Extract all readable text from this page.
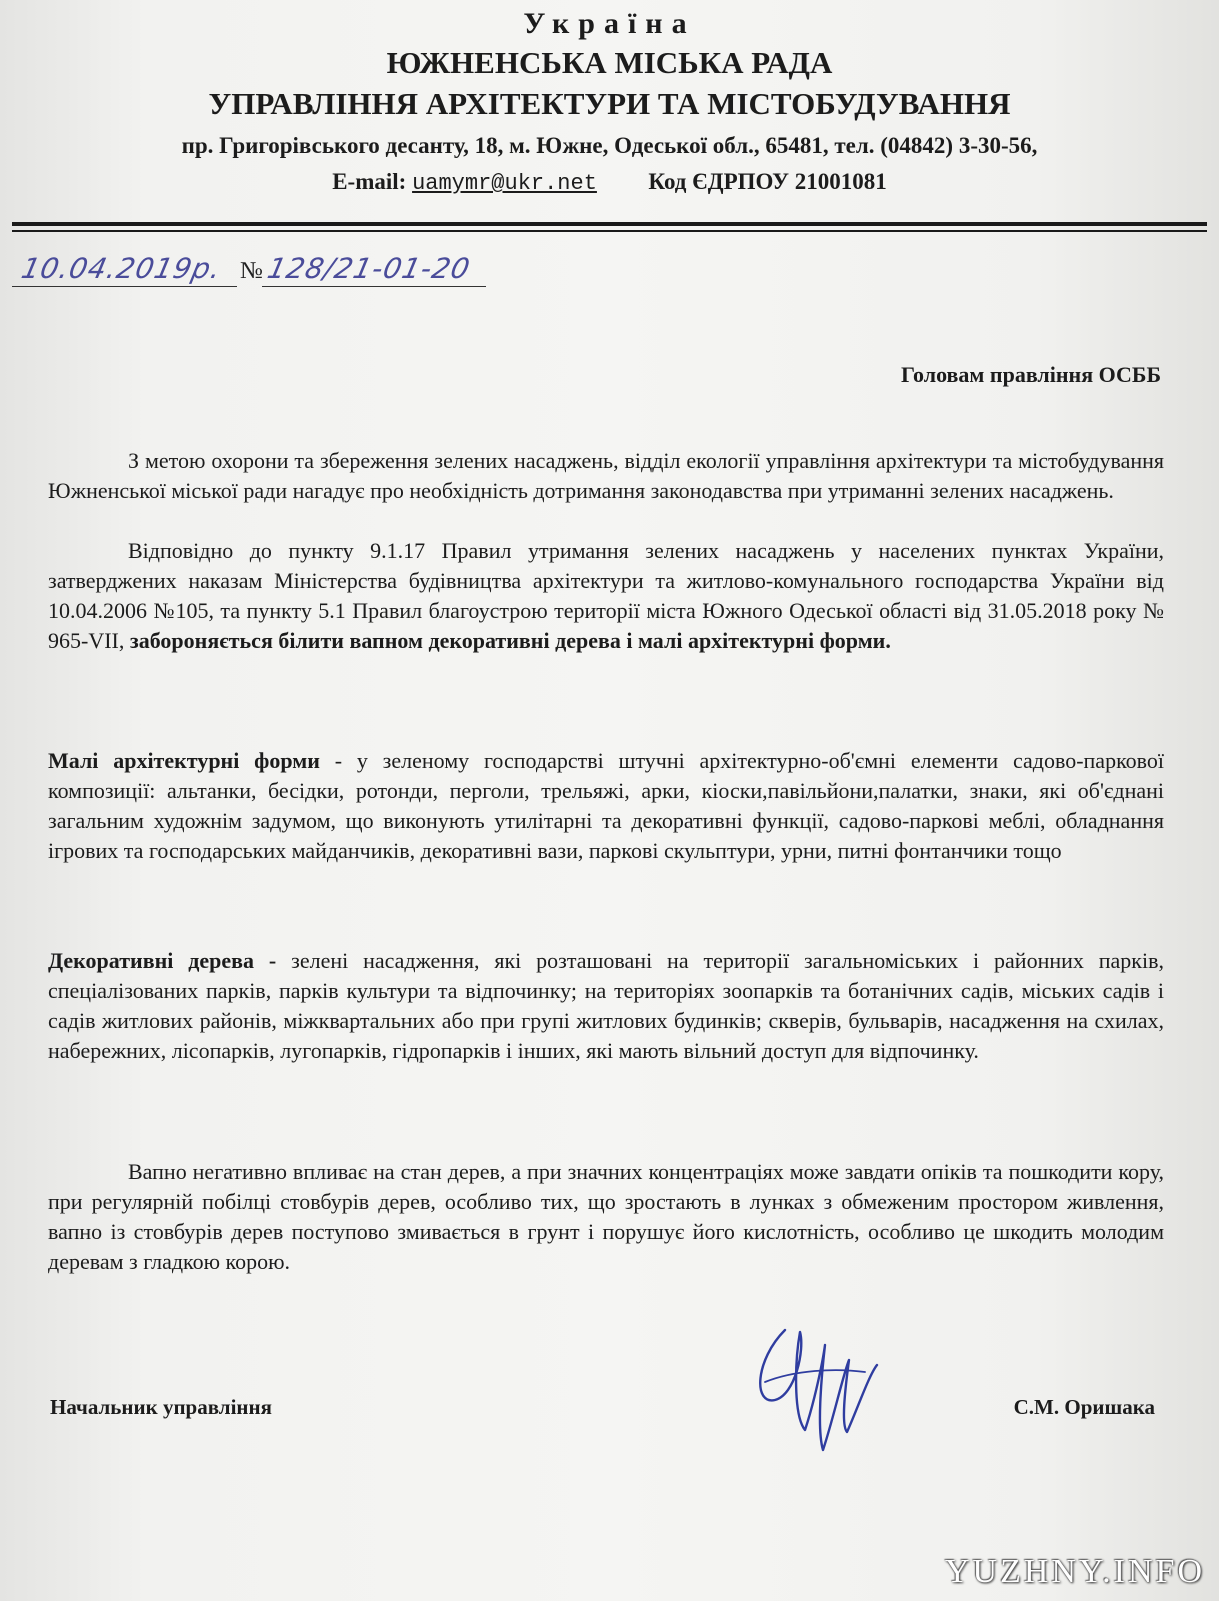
Україна
ЮЖНЕНСЬКА МІСЬКА РАДА
УПРАВЛІННЯ АРХІТЕКТУРИ ТА МІСТОБУДУВАННЯ
пр. Григорівського десанту, 18, м. Южне, Одеської обл., 65481, тел. (04842) 3-30-56,
E-mail: uamymr@ukr.net Код ЄДРПОУ 21001081
10.04.2019р. № 128/21-01-20
Головам правління ОСББ

З метою охорони та збереження зелених насаджень, відділ екології управління архітектури та містобудування Южненської міської ради нагадує про необхідність дотримання законодавства при утриманні зелених насаджень.

Відповідно до пункту 9.1.17 Правил утримання зелених насаджень у населених пунктах України, затверджених наказам Міністерства будівництва архітектури та житлово-комунального господарства України від 10.04.2006 №105, та пункту 5.1 Правил благоустрою території міста Южного Одеської області від 31.05.2018 року № 965-VII, забороняється білити вапном декоративні дерева і малі архітектурні форми.

Малі архітектурні форми - у зеленому господарстві штучні архітектурно-об'ємні елементи садово-паркової композиції: альтанки, бесідки, ротонди, перголи, трельяжі, арки, кіоски,павільйони,палатки, знаки, які об'єднані загальним художнім задумом, що виконують утилітарні та декоративні функції, садово-паркові меблі, обладнання ігрових та господарських майданчиків, декоративні вази, паркові скульптури, урни, питні фонтанчики тощо

Декоративні дерева - зелені насадження, які розташовані на території загальноміських і районних парків, спеціалізованих парків, парків культури та відпочинку; на територіях зоопарків та ботанічних садів, міських садів і садів житлових районів, міжквартальних або при групі житлових будинків; скверів, бульварів, насадження на схилах, набережних, лісопарків, лугопарків, гідропарків і інших, які мають вільний доступ для відпочинку.

Вапно негативно впливає на стан дерев, а при значних концентраціях може завдати опіків та пошкодити кору, при регулярній побілці стовбурів дерев, особливо тих, що зростають в лунках з обмеженим простором живлення, вапно із стовбурів дерев поступово змивається в грунт і порушує його кислотність, особливо це шкодить молодим деревам з гладкою корою.

Начальник управління	С.М. Оришака
YUZHNY.INFO
